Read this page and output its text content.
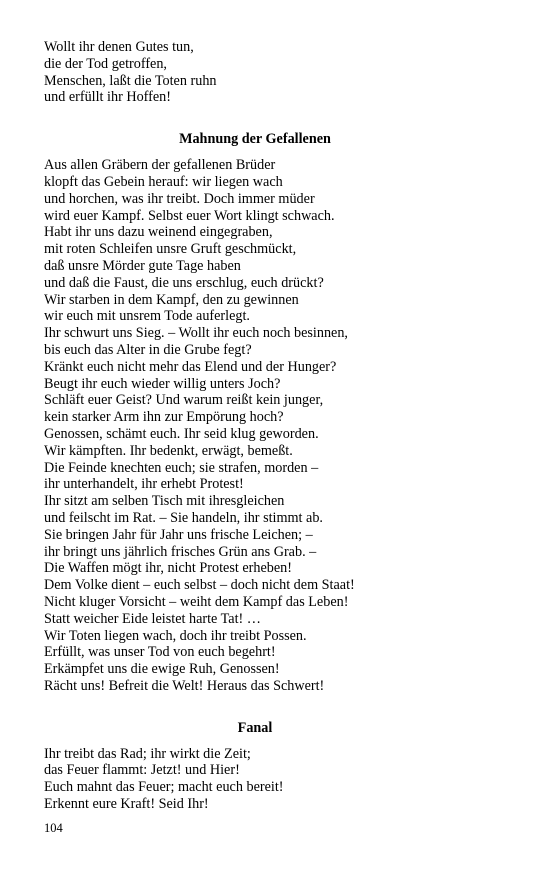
Wollt ihr denen Gutes tun,

die der Tod getroffen,

Menschen, laßt die Toten ruhn

und erfüllt ihr Hoffen!

Mahnung der Gefallenen

Aus allen Gräbern der gefallenen Brüder

klopft das Gebein herauf: wir liegen wach

und horchen, was ihr treibt. Doch immer müder

wird euer Kampf. Selbst euer Wort klingt schwach.

Habt ihr uns dazu weinend eingegraben,

mit roten Schleifen unsre Gruft geschmückt,

daß unsre Mörder gute Tage haben

und daß die Faust, die uns erschlug, euch drückt?

Wir starben in dem Kampf, den zu gewinnen

wir euch mit unsrem Tode auferlegt.

Ihr schwurt uns Sieg. – Wollt ihr euch noch besinnen,

bis euch das Alter in die Grube fegt?

Kränkt euch nicht mehr das Elend und der Hunger?

Beugt ihr euch wieder willig unters Joch?

Schläft euer Geist? Und warum reißt kein junger,

kein starker Arm ihn zur Empörung hoch?

Genossen, schämt euch. Ihr seid klug geworden.

Wir kämpften. Ihr bedenkt, erwägt, bemeßt.

Die Feinde knechten euch; sie strafen, morden –

ihr unterhandelt, ihr erhebt Protest!

Ihr sitzt am selben Tisch mit ihresgleichen

und feilscht im Rat. – Sie handeln, ihr stimmt ab.

Sie bringen Jahr für Jahr uns frische Leichen; –

ihr bringt uns jährlich frisches Grün ans Grab. –

Die Waffen mögt ihr, nicht Protest erheben!

Dem Volke dient – euch selbst – doch nicht dem Staat!

Nicht kluger Vorsicht – weiht dem Kampf das Leben!

Statt weicher Eide leistet harte Tat! …

Wir Toten liegen wach, doch ihr treibt Possen.

Erfüllt, was unser Tod von euch begehrt!

Erkämpfet uns die ewige Ruh, Genossen!

Rächt uns! Befreit die Welt! Heraus das Schwert!

Fanal

Ihr treibt das Rad; ihr wirkt die Zeit;

das Feuer flammt: Jetzt! und Hier!

Euch mahnt das Feuer; macht euch bereit!

Erkennt eure Kraft! Seid Ihr!

104
